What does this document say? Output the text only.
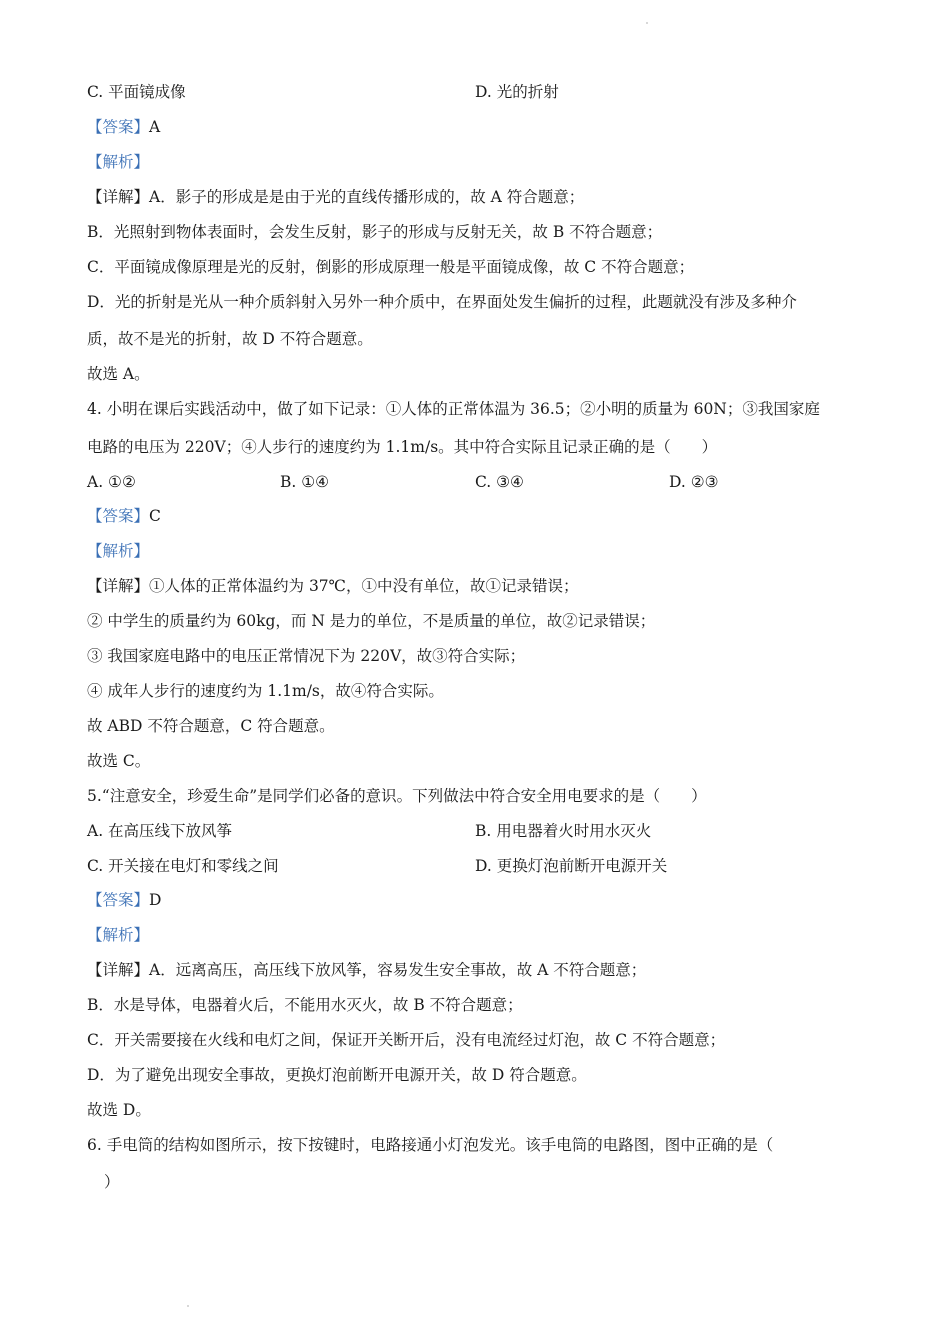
C. 平面镜成像	D. 光的折射
【答案】A
【解析】
【详解】A．影子的形成是是由于光的直线传播形成的，故 A 符合题意；
B．光照射到物体表面时，会发生反射，影子的形成与反射无关，故 B 不符合题意；
C．平面镜成像原理是光的反射，倒影的形成原理一般是平面镜成像，故 C 不符合题意；
D．光的折射是光从一种介质斜射入另外一种介质中，在界面处发生偏折的过程，此题就没有涉及多种介
质，故不是光的折射，故 D 不符合题意。
故选 A。
4. 小明在课后实践活动中，做了如下记录：①人体的正常体温为 36.5；②小明的质量为 60N；③我国家庭
电路的电压为 220V；④人步行的速度约为 1.1m/s。其中符合实际且记录正确的是（　　）
A. ①②	B. ①④	C. ③④	D. ②③
【答案】C
【解析】
【详解】①人体的正常体温约为 37℃，①中没有单位，故①记录错误；
② 中学生的质量约为 60kg，而 N 是力的单位，不是质量的单位，故②记录错误；
③ 我国家庭电路中的电压正常情况下为 220V，故③符合实际；
④ 成年人步行的速度约为 1.1m/s，故④符合实际。
故 ABD 不符合题意，C 符合题意。
故选 C。
5.“注意安全，珍爱生命”是同学们必备的意识。下列做法中符合安全用电要求的是（　　）
A. 在高压线下放风筝	B. 用电器着火时用水灭火
C. 开关接在电灯和零线之间	D. 更换灯泡前断开电源开关
【答案】D
【解析】
【详解】A．远离高压，高压线下放风筝，容易发生安全事故，故 A 不符合题意；
B．水是导体，电器着火后，不能用水灭火，故 B 不符合题意；
C．开关需要接在火线和电灯之间，保证开关断开后，没有电流经过灯泡，故 C 不符合题意；
D．为了避免出现安全事故，更换灯泡前断开电源开关，故 D 符合题意。
故选 D。
6. 手电筒的结构如图所示，按下按键时，电路接通小灯泡发光。该手电筒的电路图，图中正确的是（
）
